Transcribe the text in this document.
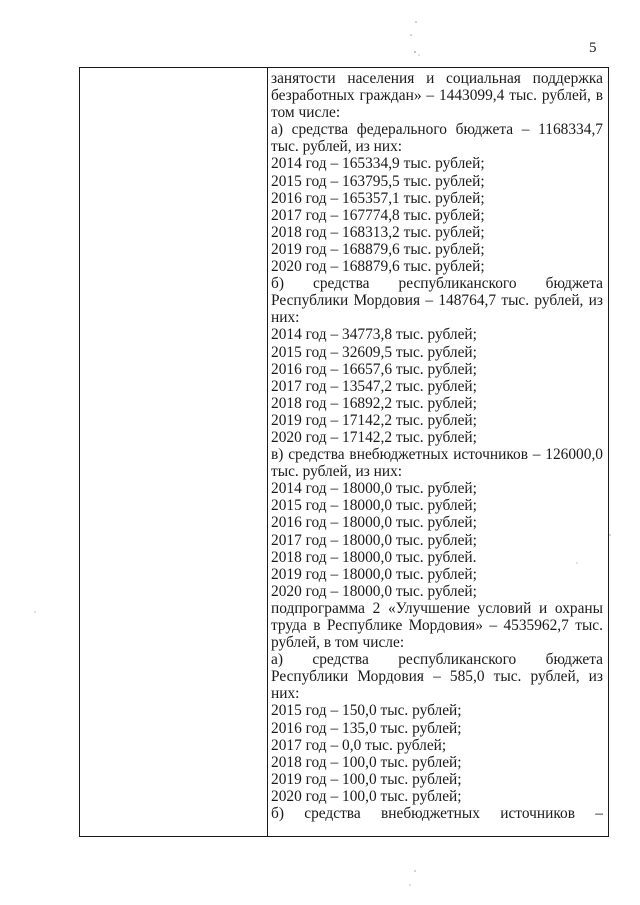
5
занятости населения и социальная поддержка
безработных граждан» – 1443099,4 тыс. рублей, в
том числе:
а) средства федерального бюджета – 1168334,7
тыс. рублей, из них:
2014 год – 165334,9 тыс. рублей;
2015 год – 163795,5 тыс. рублей;
2016 год – 165357,1 тыс. рублей;
2017 год – 167774,8 тыс. рублей;
2018 год – 168313,2 тыс. рублей;
2019 год – 168879,6 тыс. рублей;
2020 год – 168879,6 тыс. рублей;
б) средства республиканского бюджета
Республики Мордовия – 148764,7 тыс. рублей, из
них:
2014 год – 34773,8 тыс. рублей;
2015 год – 32609,5 тыс. рублей;
2016 год – 16657,6 тыс. рублей;
2017 год – 13547,2 тыс. рублей;
2018 год – 16892,2 тыс. рублей;
2019 год – 17142,2 тыс. рублей;
2020 год – 17142,2 тыс. рублей;
в) средства внебюджетных источников – 126000,0
тыс. рублей, из них:
2014 год – 18000,0 тыс. рублей;
2015 год – 18000,0 тыс. рублей;
2016 год – 18000,0 тыс. рублей;
2017 год – 18000,0 тыс. рублей;
2018 год – 18000,0 тыс. рублей.
2019 год – 18000,0 тыс. рублей;
2020 год – 18000,0 тыс. рублей;
подпрограмма 2 «Улучшение условий и охраны
труда в Республике Мордовия» – 4535962,7 тыс.
рублей, в том числе:
а) средства республиканского бюджета
Республики Мордовия – 585,0 тыс. рублей, из
них:
2015 год – 150,0 тыс. рублей;
2016 год – 135,0 тыс. рублей;
2017 год – 0,0 тыс. рублей;
2018 год – 100,0 тыс. рублей;
2019 год – 100,0 тыс. рублей;
2020 год – 100,0 тыс. рублей;
б) средства внебюджетных источников –
